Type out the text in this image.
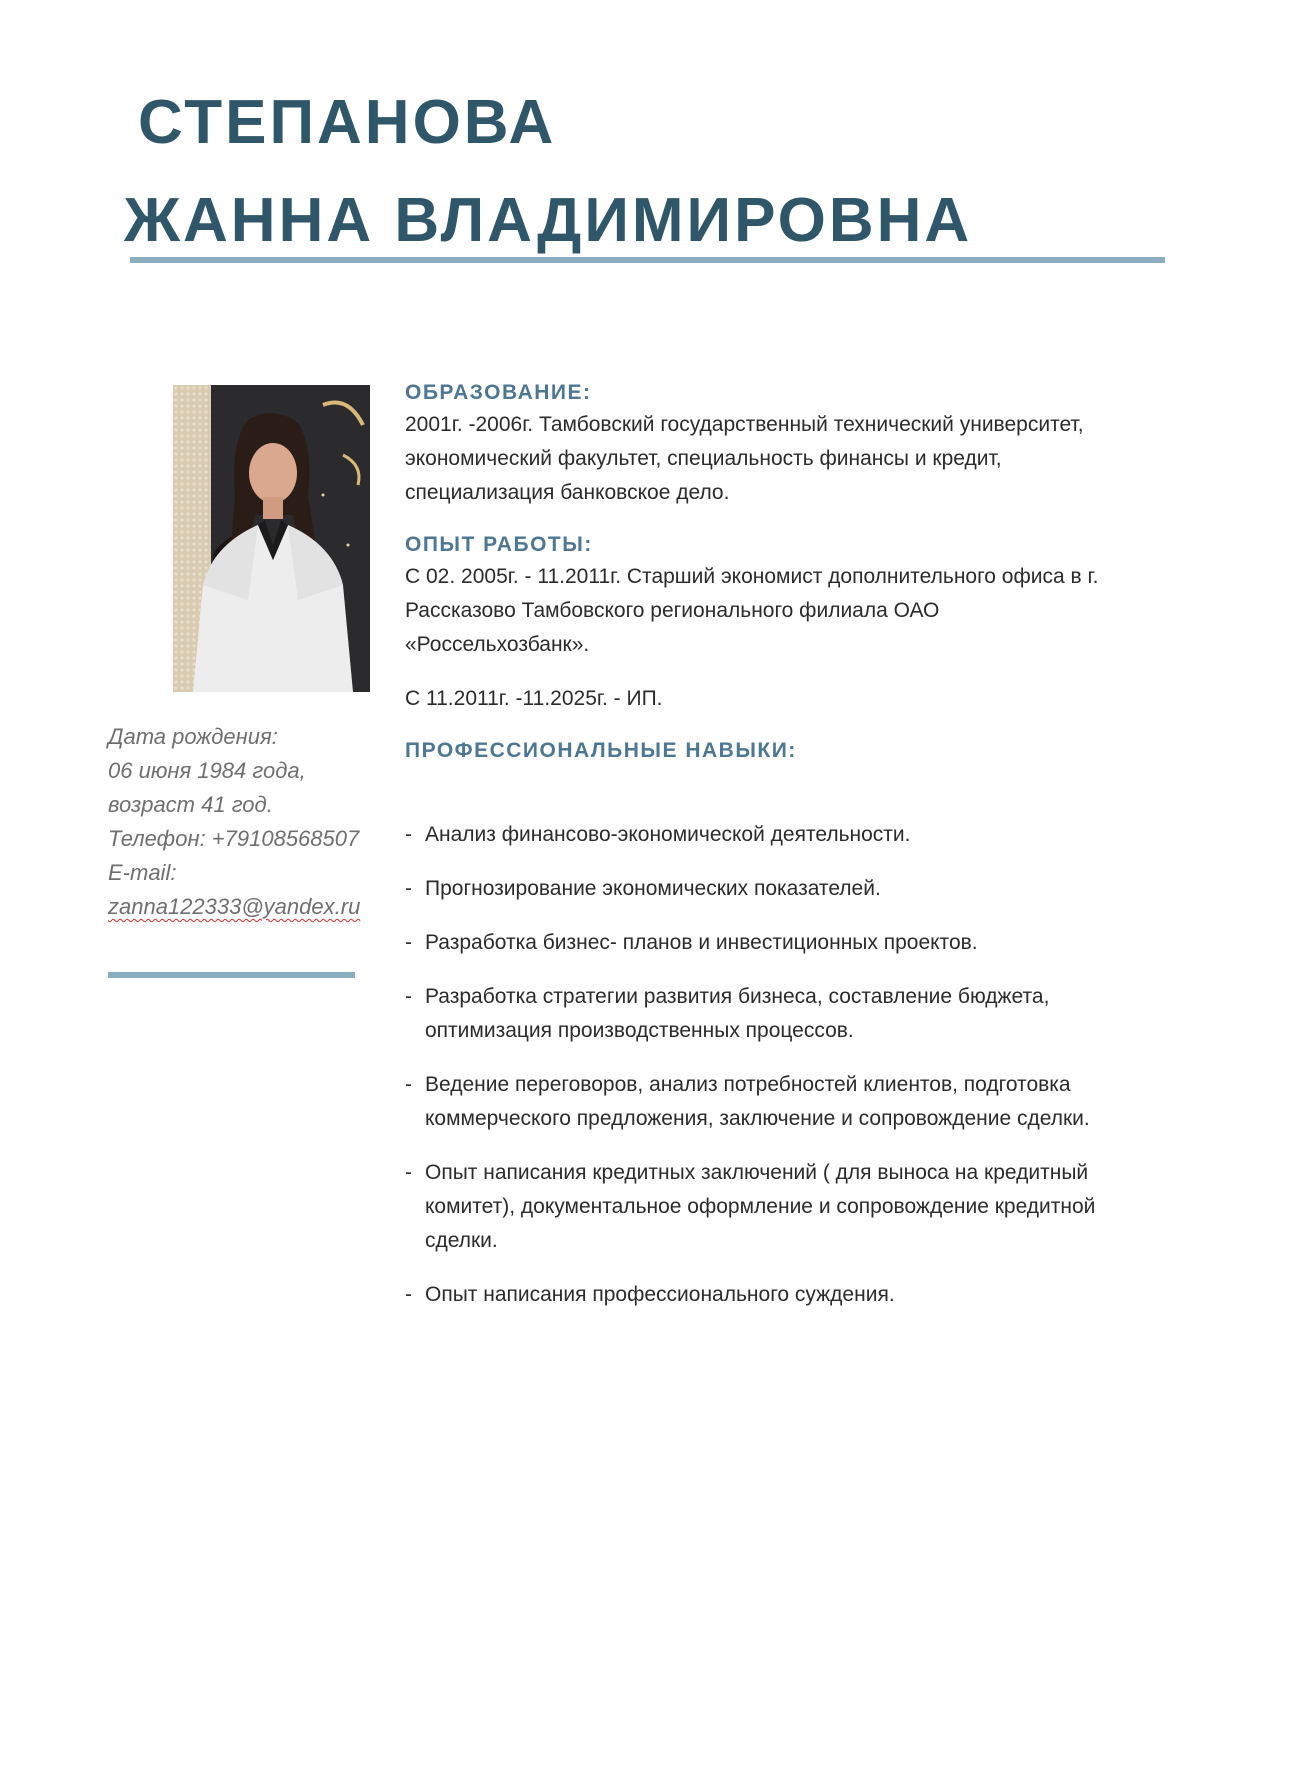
СТЕПАНОВА
ЖАННА ВЛАДИМИРОВНА
Дата рождения:
06 июня 1984 года,
возраст 41 год.
Телефон: +79108568507
E-mail:
zanna122333@yandex.ru
ОБРАЗОВАНИЕ:

2001г. -2006г. Тамбовский государственный технический университет,
экономический факультет, специальность финансы и кредит,
специализация банковское дело.

ОПЫТ РАБОТЫ:

С 02. 2005г. - 11.2011г. Старший экономист дополнительного офиса в г.
Рассказово Тамбовского регионального филиала ОАО
«Россельхозбанк».

С 11.2011г. -11.2025г. - ИП.

ПРОФЕССИОНАЛЬНЫЕ НАВЫКИ:
- Анализ финансово-экономической деятельности.
- Прогнозирование экономических показателей.
- Разработка бизнес- планов и инвестиционных проектов.
- Разработка стратегии развития бизнеса, составление бюджета,
оптимизация производственных процессов.
- Ведение переговоров, анализ потребностей клиентов, подготовка
коммерческого предложения, заключение и сопровождение сделки.
- Опыт написания кредитных заключений ( для выноса на кредитный
комитет), документальное оформление и сопровождение кредитной
сделки.
- Опыт написания профессионального суждения.
